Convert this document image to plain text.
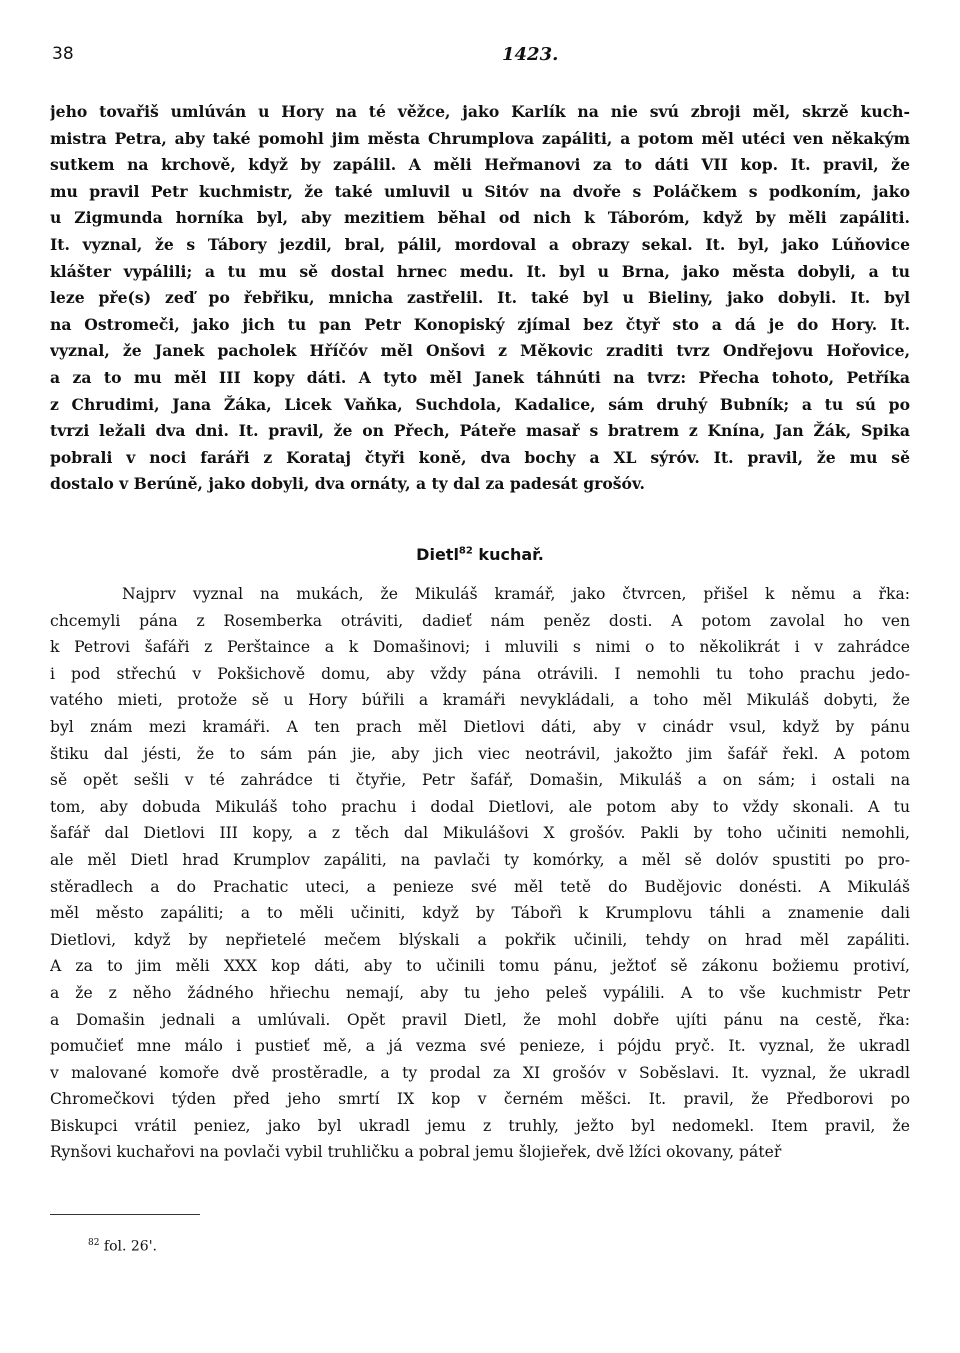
38	1423.
jeho tovařiš umlúván u Hory na té věžce, jako Karlík na nie svú zbroji měl, skrzě kuch-
mistra Petra, aby také pomohl jim města Chrumplova zapáliti, a potom měl utéci ven někakým
sutkem na krchově, když by zapálil. A měli Heřmanovi za to dáti VII kop. It. pravil, že
mu pravil Petr kuchmistr, že také umluvil u Sitóv na dvoře s Poláčkem s podkoním, jako
u Zigmunda horníka byl, aby mezitiem běhal od nich k Táborόm, když by měli zapáliti.
It. vyznal, že s Tábory jezdil, bral, pálil, mordoval a obrazy sekal. It. byl, jako Lúňovice
klášter vypálili; a tu mu sě dostal hrnec medu. It. byl u Brna, jako města dobyli, a tu
leze pře(s) zeď po řebřiku, mnicha zastřelil. It. také byl u Bieliny, jako dobyli. It. byl
na Ostromeči, jako jich tu pan Petr Konopiský zjímal bez čtyř sto a dá je do Hory. It.
vyznal, že Janek pacholek Hříčóv měl Onšovi z Měkovic zraditi tvrz Ondřejovu Hořovice,
a za to mu měl III kopy dáti. A tyto měl Janek táhnúti na tvrz: Přecha tohoto, Petříka
z Chrudimi, Jana Žáka, Licek Vaňka, Suchdola, Kadalice, sám druhý Bubník; a tu sú po
tvrzi ležali dva dni. It. pravil, že on Přech, Páteře masař s bratrem z Knína, Jan Žák, Spika
pobrali v noci faráři z Korataj čtyři koně, dva bochy a XL sýróv. It. pravil, že mu sě
dostalo v Berúně, jako dobyli, dva ornáty, a ty dal za padesát grošóv.
Dietl$^{82}$ kuchař.
Najprv vyznal na mukách, že Mikuláš kramář, jako čtvrcen, přišel k němu a řka:
chcemyli pána z Rosemberka otráviti, dadieť nám peněz dosti. A potom zavolal ho ven
k Petrovi šafáři z Perštaince a k Domašinovi; i mluvili s nimi o to několikrát i v zahrádce
i pod střechú v Pokšichově domu, aby vždy pána otrávili. I nemohli tu toho prachu jedo-
vatého mieti, protože sě u Hory búřili a kramáři nevykládali, a toho měl Mikuláš dobyti, že
byl znám mezi kramáři. A ten prach měl Dietlovi dáti, aby v cinádr vsul, když by pánu
štiku dal jésti, že to sám pán jie, aby jich viec neotrávil, jakožto jim šafář řekl. A potom
sě opět sešli v té zahrádce ti čtyřie, Petr šafář, Domašin, Mikuláš a on sám; i ostali na
tom, aby dobuda Mikuláš toho prachu i dodal Dietlovi, ale potom aby to vždy skonali. A tu
šafář dal Dietlovi III kopy, a z těch dal Mikulášovi X grošóv. Pakli by toho učiniti nemohli,
ale měl Dietl hrad Krumplov zapáliti, na pavlači ty komórky, a měl sě dolóv spustiti po pro-
stěradlech a do Prachatic uteci, a penieze své měl tetě do Budějovic donésti. A Mikuláš
měl město zapáliti; a to měli učiniti, když by Tábořì k Krumplovu táhli a znamenie dali
Dietlovi, když by nepřietelé mečem blýskali a pokřik učinili, tehdy on hrad měl zapáliti.
A za to jim měli XXX kop dáti, aby to učinili tomu pánu, ježtoť sě zákonu božiemu protiví,
a že z něho žádného hřiechu nemají, aby tu jeho peleš vypálili. A to vše kuchmistr Petr
a Domašin jednali a umlúvali. Opět pravil Dietl, že mohl dobře ujíti pánu na cestě, řka:
pomučieť mne málo i pustieť mě, a já vezma své penieze, i pójdu pryč. It. vyznal, že ukradl
v malované komoře dvě prostěradle, a ty prodal za XI grošóv v Soběslavi. It. vyznal, že ukradl
Chromečkovi týden před jeho smrtí IX kop v černém měšci. It. pravil, že Předborovi po
Biskupci vrátil peniez, jako byl ukradl jemu z truhly, ježto byl nedomekl. Item pravil, že
Rynšovi kuchařovi na povlači vybil truhličku a pobral jemu šlojieřek, dvě lžíci okovany, páteř
$^{82}$ fol. 26'.
